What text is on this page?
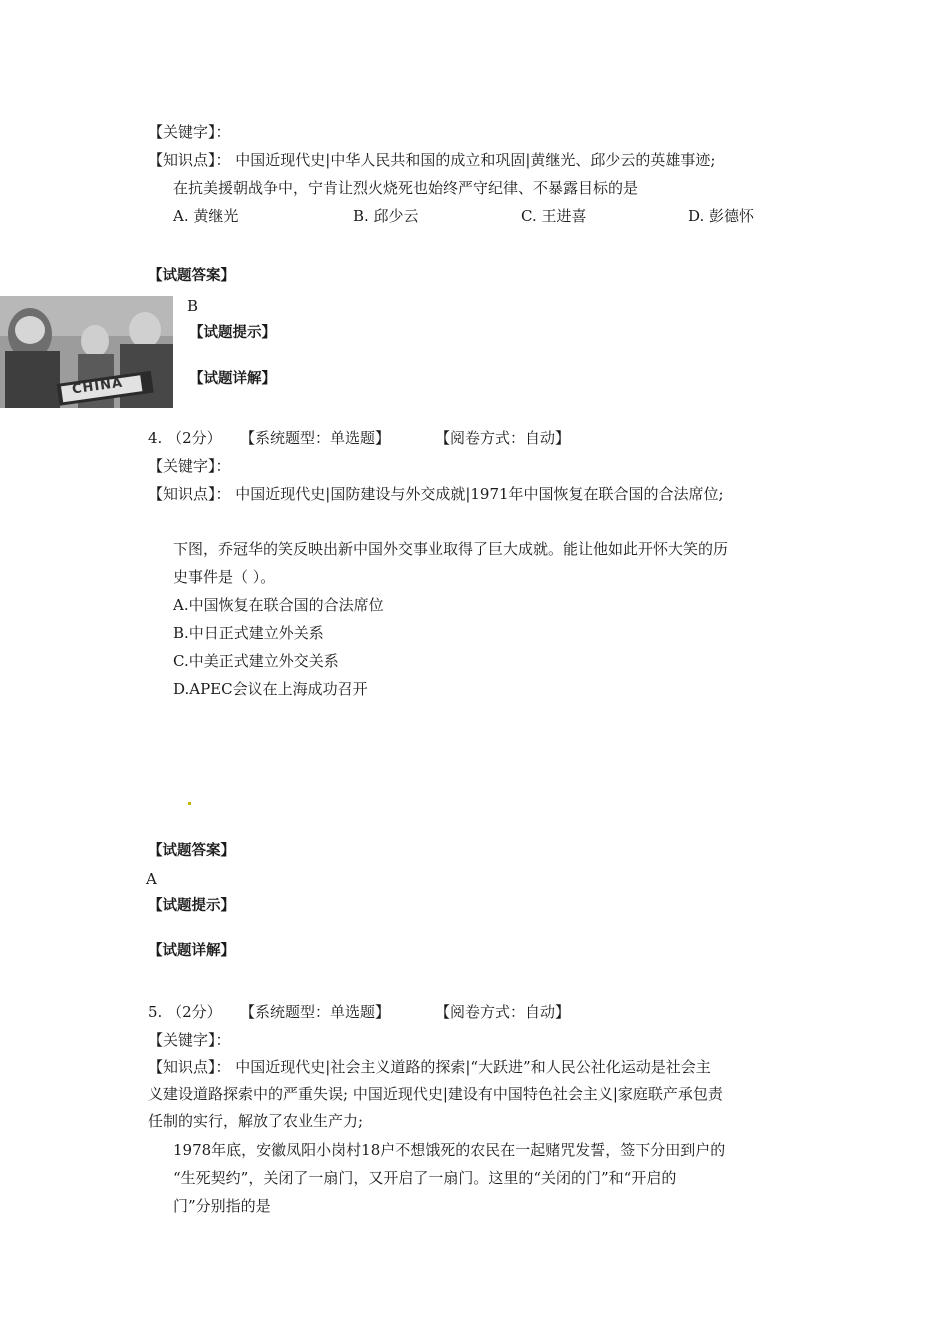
【关键字】：
【知识点】： 中国近现代史|中华人民共和国的成立和巩固|黄继光、邱少云的英雄事迹;
在抗美援朝战争中，宁肯让烈火烧死也始终严守纪律、不暴露目标的是
A. 黄继光	B. 邱少云	C. 王进喜	D. 彭德怀
【试题答案】
B
【试题提示】
【试题详解】
CHINA
4. （2分） 【系统题型：单选题】	【阅卷方式：自动】
【关键字】：
【知识点】： 中国近现代史|国防建设与外交成就|1971年中国恢复在联合国的合法席位;
下图，乔冠华的笑反映出新中国外交事业取得了巨大成就。能让他如此开怀大笑的历
史事件是（ ）。
A.中国恢复在联合国的合法席位
B.中日正式建立外关系
C.中美正式建立外交关系
D.APEC会议在上海成功召开
【试题答案】
A
【试题提示】
【试题详解】
5. （2分） 【系统题型：单选题】	【阅卷方式：自动】
【关键字】：
【知识点】： 中国近现代史|社会主义道路的探索|“大跃进”和人民公社化运动是社会主
义建设道路探索中的严重失误; 中国近现代史|建设有中国特色社会主义|家庭联产承包责
任制的实行，解放了农业生产力;
1978年底，安徽凤阳小岗村18户不想饿死的农民在一起赌咒发誓，签下分田到户的
“生死契约”，关闭了一扇门，又开启了一扇门。这里的“关闭的门”和“开启的
门”分别指的是
